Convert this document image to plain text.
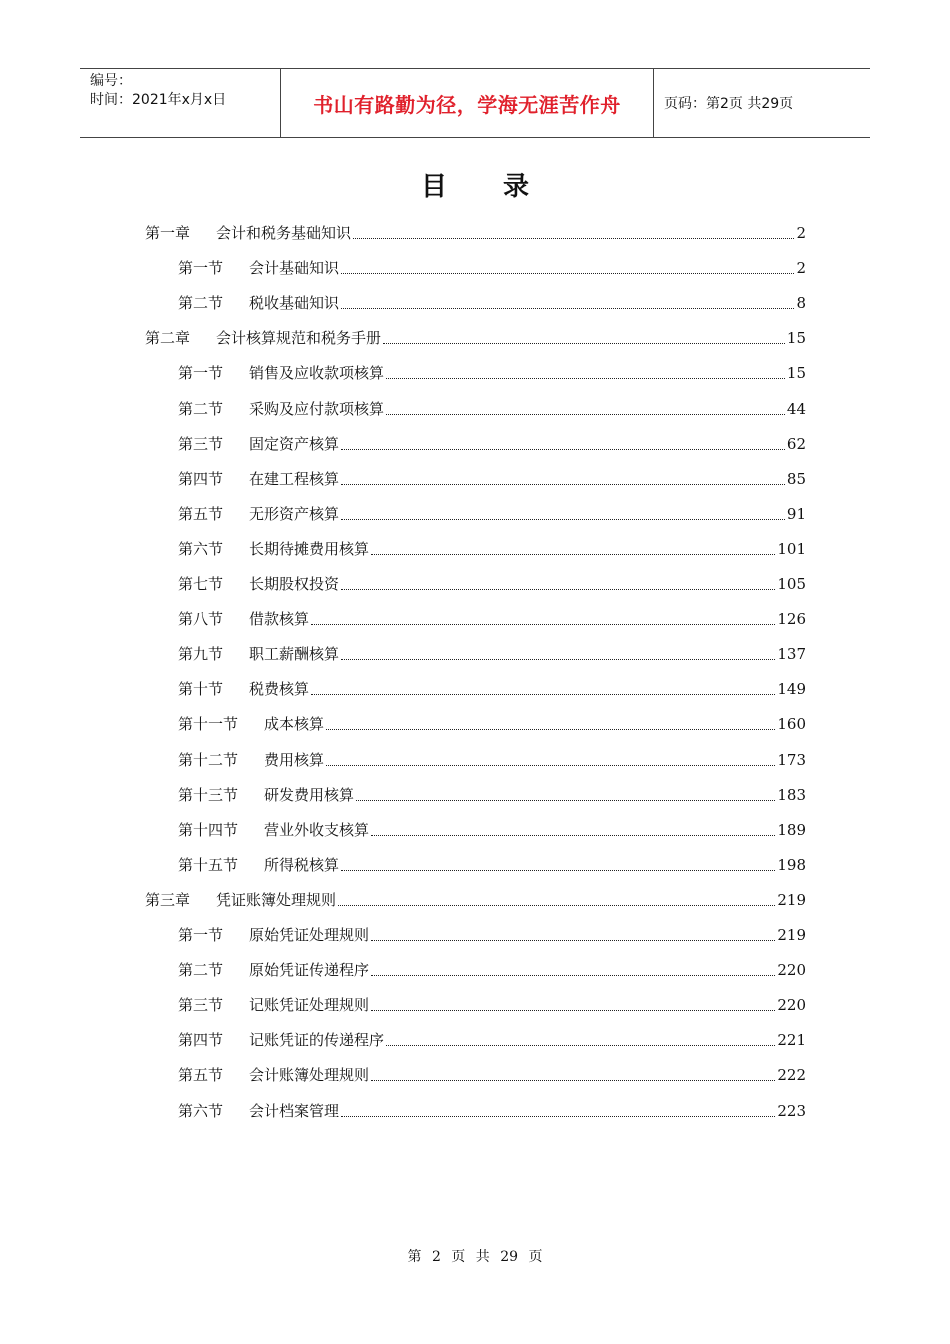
编号：
时间：2021年x月x日	书山有路勤为径，学海无涯苦作舟	页码：第2页 共29页
目录
第一章 会计和税务基础知识	2
第一节 会计基础知识	2
第二节 税收基础知识	8
第二章 会计核算规范和税务手册	15
第一节 销售及应收款项核算	15
第二节 采购及应付款项核算	44
第三节 固定资产核算	62
第四节 在建工程核算	85
第五节 无形资产核算	91
第六节 长期待摊费用核算	101
第七节 长期股权投资	105
第八节 借款核算	126
第九节 职工薪酬核算	137
第十节 税费核算	149
第十一节 成本核算	160
第十二节 费用核算	173
第十三节 研发费用核算	183
第十四节 营业外收支核算	189
第十五节 所得税核算	198
第三章 凭证账簿处理规则	219
第一节 原始凭证处理规则	219
第二节 原始凭证传递程序	220
第三节 记账凭证处理规则	220
第四节 记账凭证的传递程序	221
第五节 会计账簿处理规则	222
第六节 会计档案管理	223
第 2 页 共 29 页
